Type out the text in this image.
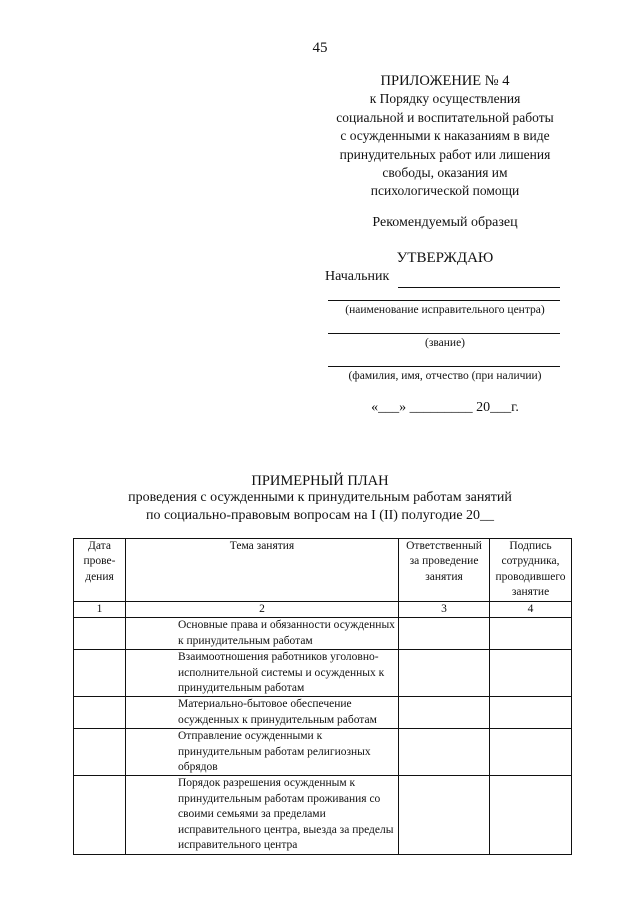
45
ПРИЛОЖЕНИЕ № 4
к Порядку осуществления
социальной и воспитательной работы
с осужденными к наказаниям в виде
принудительных работ или лишения
свободы, оказания им
психологической помощи
Рекомендуемый образец
УТВЕРЖДАЮ
Начальник
(наименование исправительного центра)
(звание)
(фамилия, имя, отчество (при наличии)
«___» _________ 20___г.
ПРИМЕРНЫЙ ПЛАН
проведения с осужденными к принудительным работам занятий
по социально-правовым вопросам на I (II) полугодие 20__
Дата прове-дения	Тема занятия	Ответственный за проведение занятия	Подпись сотрудника, проводившего занятие
1	2	3	4
	Основные права и обязанности осужденных к принудительным работам		
	Взаимоотношения работников уголовно-исполнительной системы и осужденных к принудительным работам		
	Материально-бытовое обеспечение осужденных к принудительным работам		
	Отправление осужденными к принудительным работам религиозных обрядов		
	Порядок разрешения осужденным к принудительным работам проживания со своими семьями за пределами исправительного центра, выезда за пределы исправительного центра		
